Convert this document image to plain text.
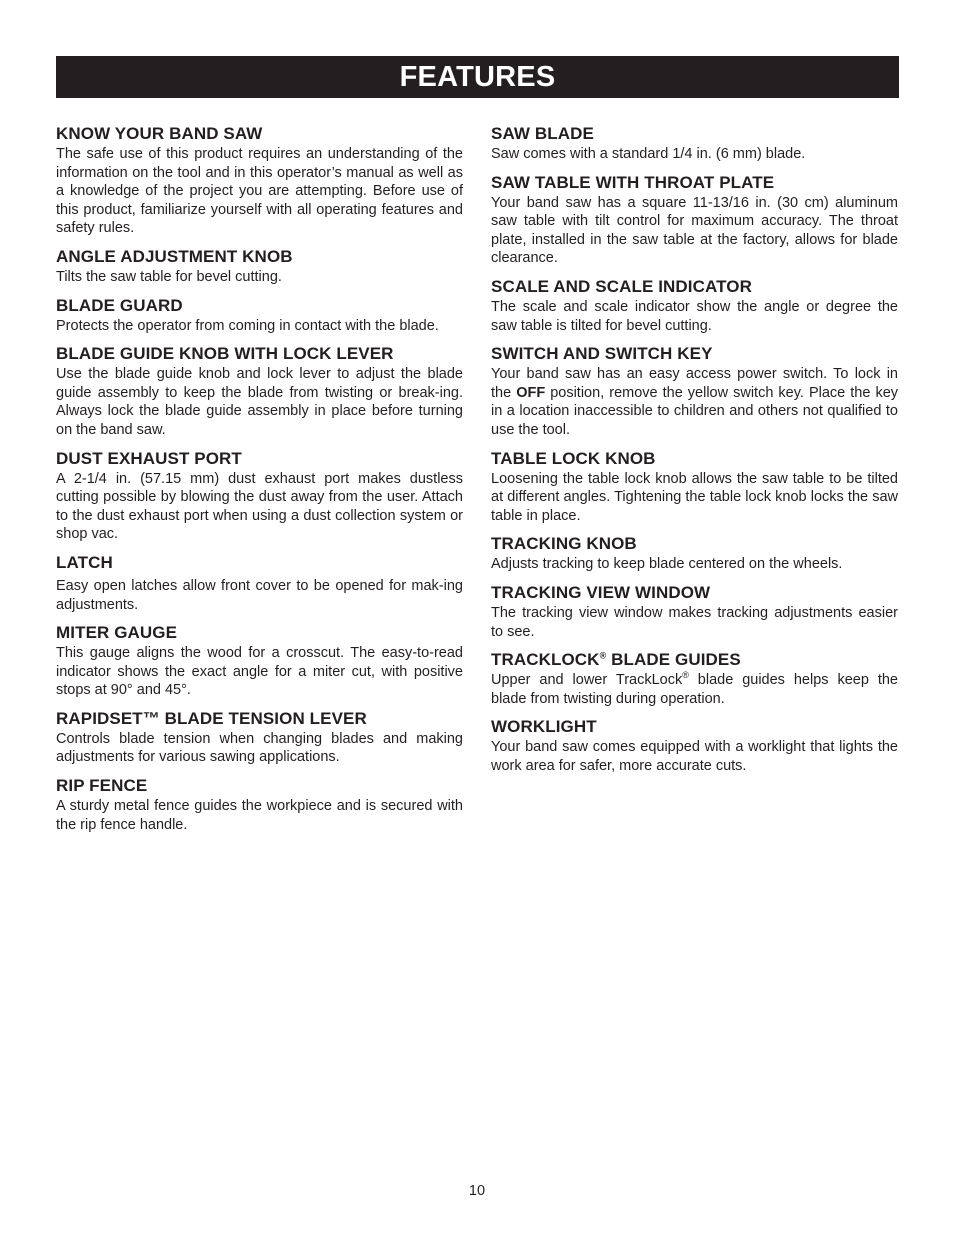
FEATURES
KNOW YOUR BAND SAW

The safe use of this product requires an understanding of the information on the tool and in this operator’s manual as well as a knowledge of the project you are attempting. Before use of this product, familiarize yourself with all operating features and safety rules.

ANGLE ADJUSTMENT KNOB

Tilts the saw table for bevel cutting.

BLADE GUARD

Protects the operator from coming in contact with the blade.

BLADE GUIDE KNOB WITH LOCK LEVER

Use the blade guide knob and lock lever to adjust the blade guide assembly to keep the blade from twisting or break-ing. Always lock the blade guide assembly in place before turning on the band saw.

DUST EXHAUST PORT

A 2-1/4 in. (57.15 mm) dust exhaust port makes dustless cutting possible by blowing the dust away from the user. Attach to the dust exhaust port when using a dust collection system or shop vac.

LATCH

Easy open latches allow front cover to be opened for mak-ing adjustments.

MITER GAUGE

This gauge aligns the wood for a crosscut. The easy-to-read indicator shows the exact angle for a miter cut, with positive stops at 90° and 45°.

RAPIDSET™ BLADE TENSION LEVER

Controls blade tension when changing blades and making adjustments for various sawing applications.

RIP FENCE

A sturdy metal fence guides the workpiece and is secured with the rip fence handle.

SAW BLADE

Saw comes with a standard 1/4 in. (6 mm) blade.

SAW TABLE WITH THROAT PLATE

Your band saw has a square 11-13/16 in. (30 cm) aluminum saw table with tilt control for maximum accuracy. The throat plate, installed in the saw table at the factory, allows for blade clearance.

SCALE AND SCALE INDICATOR

The scale and scale indicator show the angle or degree the saw table is tilted for bevel cutting.

SWITCH AND SWITCH KEY

Your band saw has an easy access power switch. To lock in the OFF position, remove the yellow switch key. Place the key in a location inaccessible to children and others not qualified to use the tool.

TABLE LOCK KNOB

Loosening the table lock knob allows the saw table to be tilted at different angles. Tightening the table lock knob locks the saw table in place.

TRACKING KNOB

Adjusts tracking to keep blade centered on the wheels.

TRACKING VIEW WINDOW

The tracking view window makes tracking adjustments easier to see.

TRACKLOCK® BLADE GUIDES

Upper and lower TrackLock® blade guides helps keep the blade from twisting during operation.

WORKLIGHT

Your band saw comes equipped with a worklight that lights the work area for safer, more accurate cuts.

10
